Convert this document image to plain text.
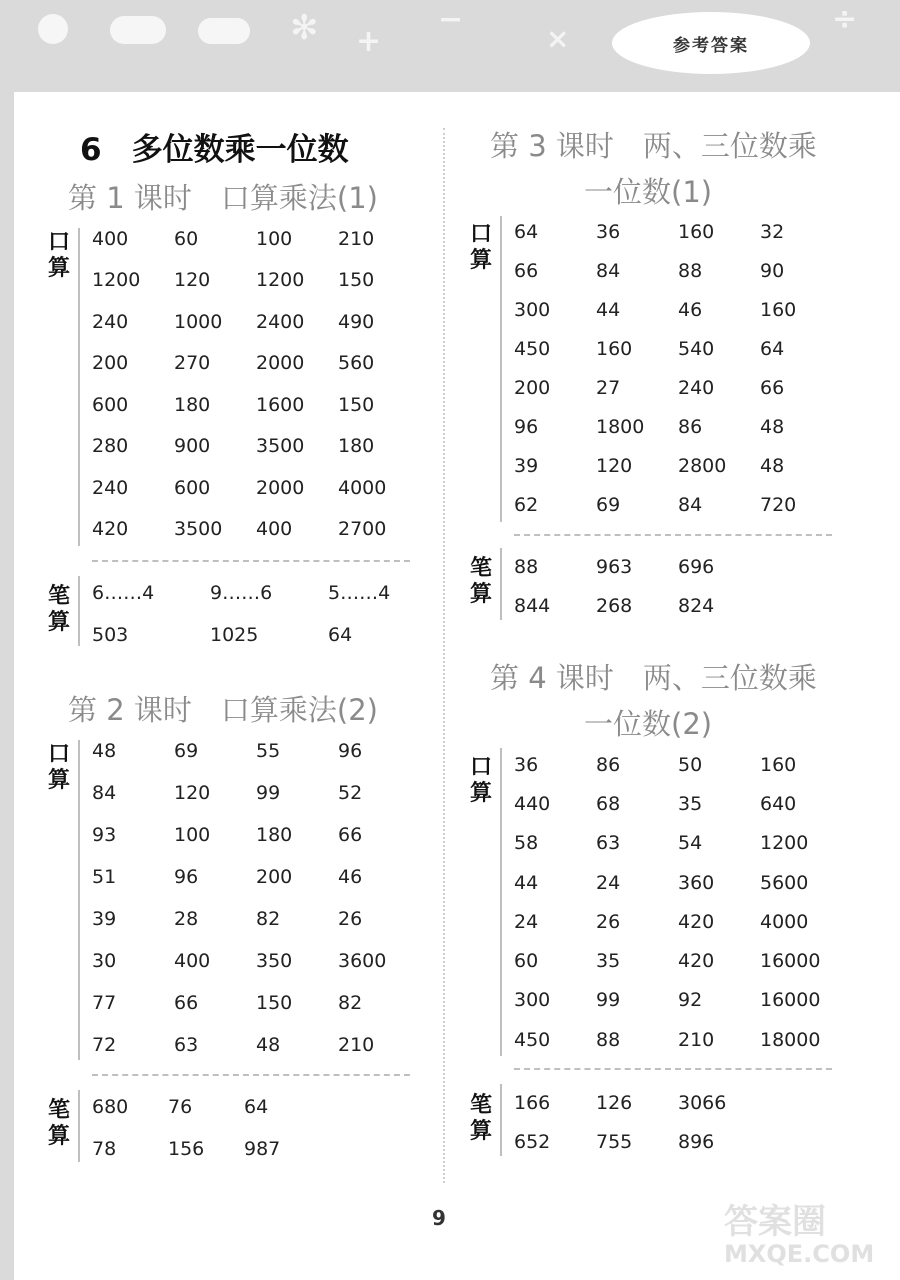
✻	−
+	×
÷
参考答案
6 多位数乘一位数
第 1 课时　口算乘法(1)
口算
400	60	100	210
1200	120	1200	150
240	1000	2400	490
200	270	2000	560
600	180	1600	150
280	900	3500	180
240	600	2000	4000
420	3500	400	2700
笔算
6……4	9……6	5……4
503	1025	64
第 2 课时　口算乘法(2)
口算
48	69	55	96
84	120	99	52
93	100	180	66
51	96	200	46
39	28	82	26
30	400	350	3600
77	66	150	82
72	63	48	210
笔算
680	76	64
78	156	987
第 3 课时　两、三位数乘
一位数(1)
口算
64	36	160	32
66	84	88	90
300	44	46	160
450	160	540	64
200	27	240	66
96	1800	86	48
39	120	2800	48
62	69	84	720
笔算
88	963	696
844	268	824
第 4 课时　两、三位数乘
一位数(2)
口算
36	86	50	160
440	68	35	640
58	63	54	1200
44	24	360	5600
24	26	420	4000
60	35	420	16000
300	99	92	16000
450	88	210	18000
笔算
166	126	3066
652	755	896
9	答案圈
MXQE.COM
